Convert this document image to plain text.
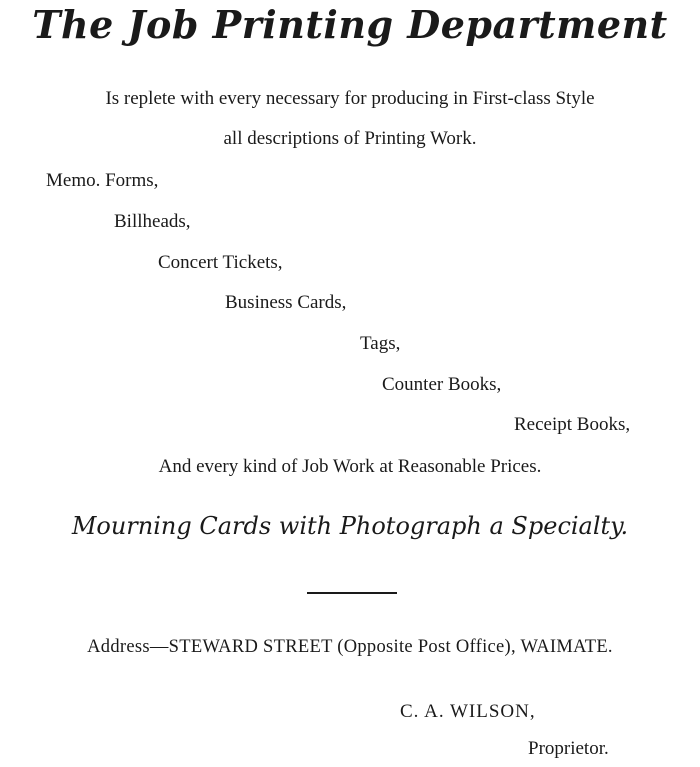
The Job Printing Department

Is replete with every necessary for producing in First-class Style

all descriptions of Printing Work.

Memo. Forms,

Billheads,

Concert Tickets,

Business Cards,

Tags,

Counter Books,

Receipt Books,

And every kind of Job Work at Reasonable Prices.

Mourning Cards with Photograph a Specialty.

Address—STEWARD STREET (Opposite Post Office), WAIMATE.

C. A. WILSON,

Proprietor.
